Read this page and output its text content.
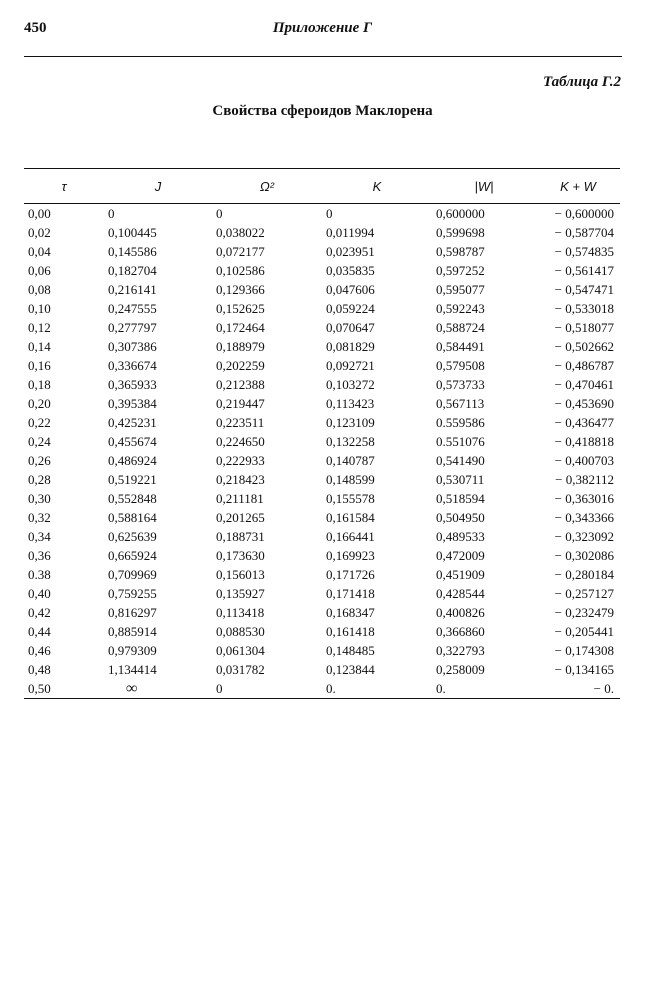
450	Приложение Г
Таблица Г.2
Свойства сфероидов Маклорена
τ	J	Ω²	K	|W|	K + W
0,00	0	0	0	0,600000	− 0,600000
0,02	0,100445	0,038022	0,011994	0,599698	− 0,587704
0,04	0,145586	0,072177	0,023951	0,598787	− 0,574835
0,06	0,182704	0,102586	0,035835	0,597252	− 0,561417
0,08	0,216141	0,129366	0,047606	0,595077	− 0,547471
0,10	0,247555	0,152625	0,059224	0,592243	− 0,533018
0,12	0,277797	0,172464	0,070647	0,588724	− 0,518077
0,14	0,307386	0,188979	0,081829	0,584491	− 0,502662
0,16	0,336674	0,202259	0,092721	0,579508	− 0,486787
0,18	0,365933	0,212388	0,103272	0,573733	− 0,470461
0,20	0,395384	0,219447	0,113423	0,567113	− 0,453690
0,22	0,425231	0,223511	0,123109	0.559586	− 0,436477
0,24	0,455674	0,224650	0,132258	0.551076	− 0,418818
0,26	0,486924	0,222933	0,140787	0,541490	− 0,400703
0,28	0,519221	0,218423	0,148599	0,530711	− 0,382112
0,30	0,552848	0,211181	0,155578	0,518594	− 0,363016
0,32	0,588164	0,201265	0,161584	0,504950	− 0,343366
0,34	0,625639	0,188731	0,166441	0,489533	− 0,323092
0,36	0,665924	0,173630	0,169923	0,472009	− 0,302086
0.38	0,709969	0,156013	0,171726	0,451909	− 0,280184
0,40	0,759255	0,135927	0,171418	0,428544	− 0,257127
0,42	0,816297	0,113418	0,168347	0,400826	− 0,232479
0,44	0,885914	0,088530	0,161418	0,366860	− 0,205441
0,46	0,979309	0,061304	0,148485	0,322793	− 0,174308
0,48	1,134414	0,031782	0,123844	0,258009	− 0,134165
0,50	∞	0	0.	0.	− 0.
